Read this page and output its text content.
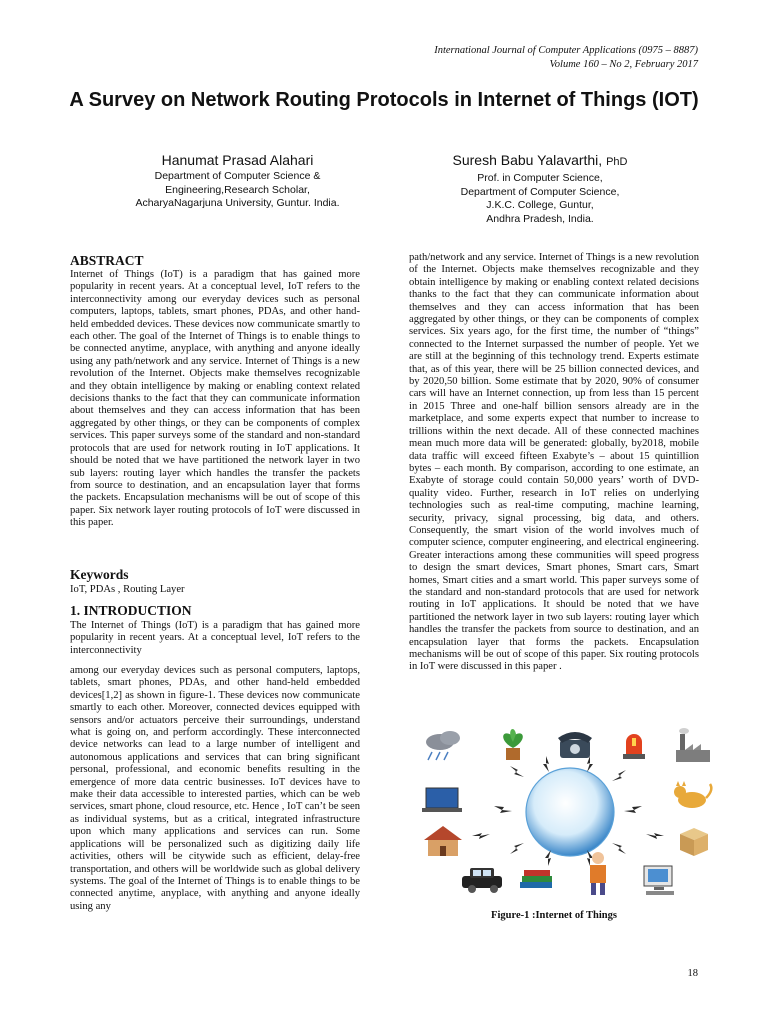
International Journal of Computer Applications (0975 – 8887)
Volume 160 – No 2, February 2017
A Survey on Network Routing Protocols in Internet of Things (IOT)
Hanumat Prasad Alahari
Department of Computer Science &
Engineering,Research Scholar,
AcharyaNagarjuna University, Guntur. India.
Suresh Babu Yalavarthi, PhD
Prof. in Computer Science,
Department of Computer Science,
J.K.C. College, Guntur,
Andhra Pradesh, India.
ABSTRACT

Internet of Things (IoT) is a paradigm that has gained more popularity in recent years. At a conceptual level, IoT refers to the interconnectivity among our everyday devices such as personal computers, laptops, tablets, smart phones, PDAs, and other hand-held embedded devices. These devices now communicate smartly to each other. The goal of the Internet of Things is to enable things to be connected anytime, anyplace, with anything and anyone ideally using any path/network and any service. Internet of Things is a new revolution of the Internet. Objects make themselves recognizable and they obtain intelligence by making or enabling context related decisions thanks to the fact that they can communicate information about themselves and they can access information that has been aggregated by other things, or they can be components of complex services. This paper surveys some of the standard and non-standard protocols that are used for network routing in IoT applications. It should be noted that we have partitioned the network layer in two sub layers: routing layer which handles the transfer the packets from source to destination, and an encapsulation layer that forms the packets. Encapsulation mechanisms will be out of scope of this paper. Six network layer routing protocols of IoT were discussed in this paper.

Keywords

IoT, PDAs , Routing Layer

1. INTRODUCTION

The Internet of Things (IoT) is a paradigm that has gained more popularity in recent years. At a conceptual level, IoT refers to the interconnectivity

among our everyday devices such as personal computers, laptops, tablets, smart phones, PDAs, and other hand-held embedded devices[1,2] as shown in figure-1. These devices now communicate smartly to each other. Moreover, connected devices equipped with sensors and/or actuators perceive their surroundings, understand what is going on, and perform accordingly. These interconnected device networks can lead to a large number of intelligent and autonomous applications and services that can bring significant personal, professional, and economic benefits resulting in the emergence of more data centric businesses. IoT devices have to make their data accessible to interested parties, which can be web services, smart phone, cloud resource, etc. Hence , IoT can’t be seen as individual systems, but as a critical, integrated infrastructure upon which many applications and services can run. Some applications will be personalized such as digitizing daily life activities, others will be citywide such as efficient, delay-free transportation, and others will be worldwide such as global delivery systems. The goal of the Internet of Things is to enable things to be connected anytime, anyplace, with anything and anyone ideally using any

path/network and any service. Internet of Things is a new revolution of the Internet. Objects make themselves recognizable and they obtain intelligence by making or enabling context related decisions thanks to the fact that they can communicate information about themselves and they can access information that has been aggregated by other things, or they can be components of complex services. Six years ago, for the first time, the number of “things” connected to the Internet surpassed the number of people. Yet we are still at the beginning of this technology trend. Experts estimate that, as of this year, there will be 25 billion connected devices, and by 2020,50 billion. Some estimate that by 2020, 90% of consumer cars will have an Internet connection, up from less than 15 percent in 2015 Three and one-half billion sensors already are in the marketplace, and some experts expect that number to increase to trillions within the next decade. All of these connected machines mean much more data will be generated: globally, by2018, mobile data traffic will exceed fifteen Exabyte’s – about 15 quintillion bytes – each month. By comparison, according to one estimate, an Exabyte of storage could contain 50,000 years’ worth of DVD-quality video. Further, research in IoT relies on underlying technologies such as real-time computing, machine learning, security, privacy, signal processing, big data, and others. Consequently, the smart vision of the world involves much of computer science, computer engineering, and electrical engineering. Greater interactions among these communities will speed progress to design the smart devices, Smart phones, Smart cars, Smart homes, Smart cities and a smart world. This paper surveys some of the standard and non-standard protocols that are used for network routing in IoT applications. It should be noted that we have partitioned the network layer in two sub layers: routing layer which handles the transfer the packets from source to destination, and an encapsulation layer that forms the packets. Encapsulation mechanisms will be out of scope of this paper. Six routing protocols in IoT were discussed in this paper .

Figure-1 :Internet of Things
18
